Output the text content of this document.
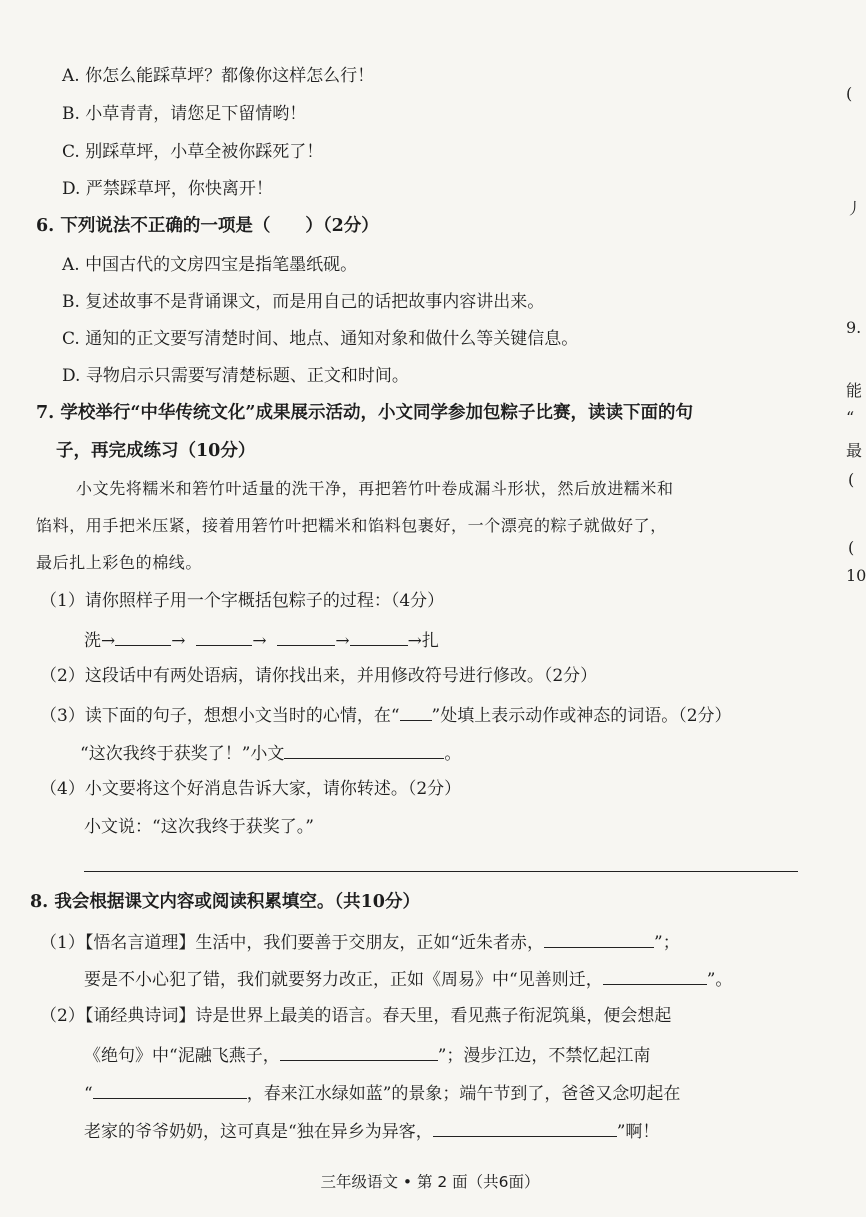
A. 你怎么能踩草坪？都像你这样怎么行！
B. 小草青青，请您足下留情哟！
C. 别踩草坪，小草全被你踩死了！
D. 严禁踩草坪，你快离开！
6. 下列说法不正确的一项是（　　）（2分）
A. 中国古代的文房四宝是指笔墨纸砚。
B. 复述故事不是背诵课文，而是用自己的话把故事内容讲出来。
C. 通知的正文要写清楚时间、地点、通知对象和做什么等关键信息。
D. 寻物启示只需要写清楚标题、正文和时间。
7. 学校举行“中华传统文化”成果展示活动，小文同学参加包粽子比赛，读读下面的句
子，再完成练习（10分）
小文先将糯米和箬竹叶适量的洗干净，再把箬竹叶卷成漏斗形状，然后放进糯米和
馅料，用手把米压紧，接着用箬竹叶把糯米和馅料包裹好，一个漂亮的粽子就做好了，
最后扎上彩色的棉线。
（1）请你照样子用一个字概括包粽子的过程：（4分）
洗→	→	→	→	→扎
（2）这段话中有两处语病，请你找出来，并用修改符号进行修改。（2分）
（3）读下面的句子，想想小文当时的心情，在“ ”处填上表示动作或神态的词语。（2分）
“这次我终于获奖了！”小文	。
（4）小文要将这个好消息告诉大家，请你转述。（2分）
小文说：“这次我终于获奖了。”
8. 我会根据课文内容或阅读积累填空。（共10分）
（1）【悟名言道理】生活中，我们要善于交朋友，正如“近朱者赤，	”；
要是不小心犯了错，我们就要努力改正，正如《周易》中“见善则迁，	”。
（2）【诵经典诗词】诗是世界上最美的语言。春天里，看见燕子衔泥筑巢，便会想起
《绝句》中“泥融飞燕子，	”；漫步江边，不禁忆起江南
“	，春来江水绿如蓝”的景象；端午节到了，爸爸又念叨起在
老家的爷爷奶奶，这可真是“独在异乡为异客，	”啊！
三年级语文 • 第 2 面（共6面）
(
丿
9.
能
“
最
(
(
10
